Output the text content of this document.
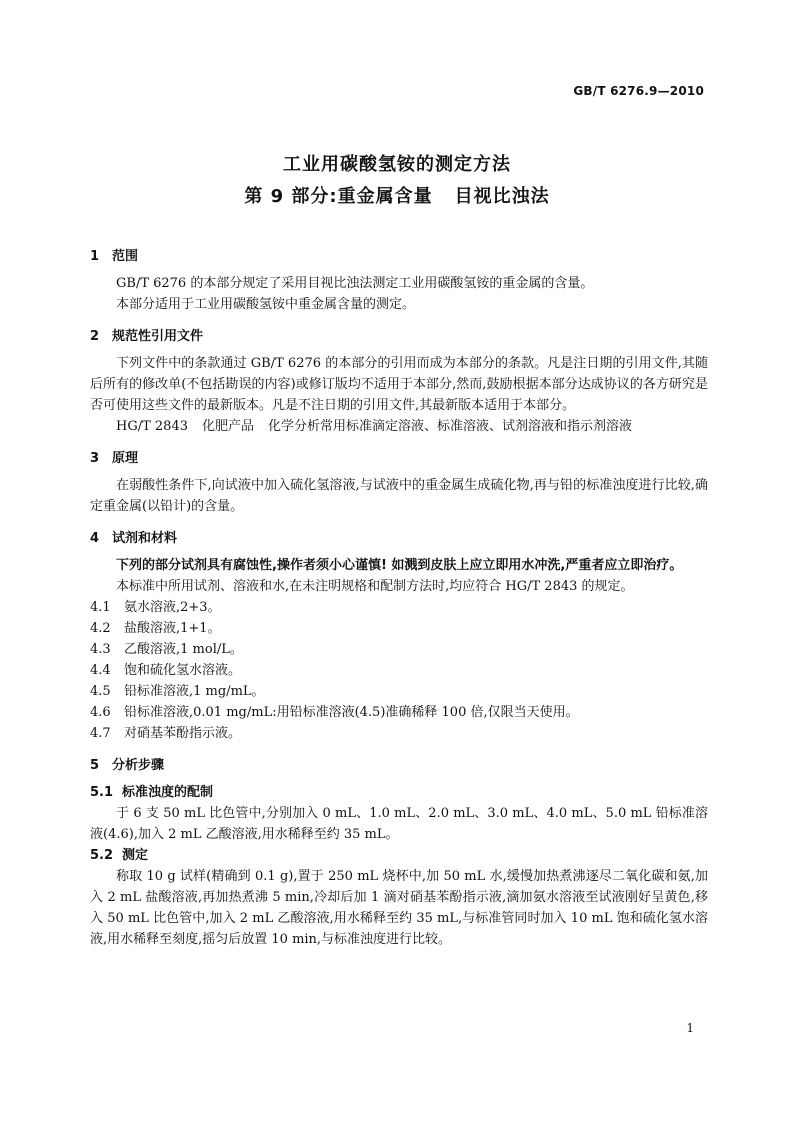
GB/T 6276.9—2010
工业用碳酸氢铵的测定方法
第 9 部分:重金属含量 目视比浊法
1 范围

GB/T 6276 的本部分规定了采用目视比浊法测定工业用碳酸氢铵的重金属的含量。

本部分适用于工业用碳酸氢铵中重金属含量的测定。

2 规范性引用文件

下列文件中的条款通过 GB/T 6276 的本部分的引用而成为本部分的条款。凡是注日期的引用文件,其随后所有的修改单(不包括勘误的内容)或修订版均不适用于本部分,然而,鼓励根据本部分达成协议的各方研究是否可使用这些文件的最新版本。凡是不注日期的引用文件,其最新版本适用于本部分。

HG/T 2843 化肥产品 化学分析常用标准滴定溶液、标准溶液、试剂溶液和指示剂溶液

3 原理

在弱酸性条件下,向试液中加入硫化氢溶液,与试液中的重金属生成硫化物,再与铅的标准浊度进行比较,确定重金属(以铅计)的含量。

4 试剂和材料

下列的部分试剂具有腐蚀性,操作者须小心谨慎! 如溅到皮肤上应立即用水冲洗,严重者应立即治疗。

本标准中所用试剂、溶液和水,在未注明规格和配制方法时,均应符合 HG/T 2843 的规定。

4.1 氨水溶液,2+3。

4.2 盐酸溶液,1+1。

4.3 乙酸溶液,1 mol/L。

4.4 饱和硫化氢水溶液。

4.5 铅标准溶液,1 mg/mL。

4.6 铅标准溶液,0.01 mg/mL:用铅标准溶液(4.5)准确稀释 100 倍,仅限当天使用。

4.7 对硝基苯酚指示液。

5 分析步骤
5.1 标准浊度的配制

于 6 支 50 mL 比色管中,分别加入 0 mL、1.0 mL、2.0 mL、3.0 mL、4.0 mL、5.0 mL 铅标准溶液(4.6),加入 2 mL 乙酸溶液,用水稀释至约 35 mL。

5.2 测定

称取 10 g 试样(精确到 0.1 g),置于 250 mL 烧杯中,加 50 mL 水,缓慢加热煮沸逐尽二氧化碳和氨,加入 2 mL 盐酸溶液,再加热煮沸 5 min,冷却后加 1 滴对硝基苯酚指示液,滴加氨水溶液至试液刚好呈黄色,移入 50 mL 比色管中,加入 2 mL 乙酸溶液,用水稀释至约 35 mL,与标准管同时加入 10 mL 饱和硫化氢水溶液,用水稀释至刻度,摇匀后放置 10 min,与标准浊度进行比较。

1
